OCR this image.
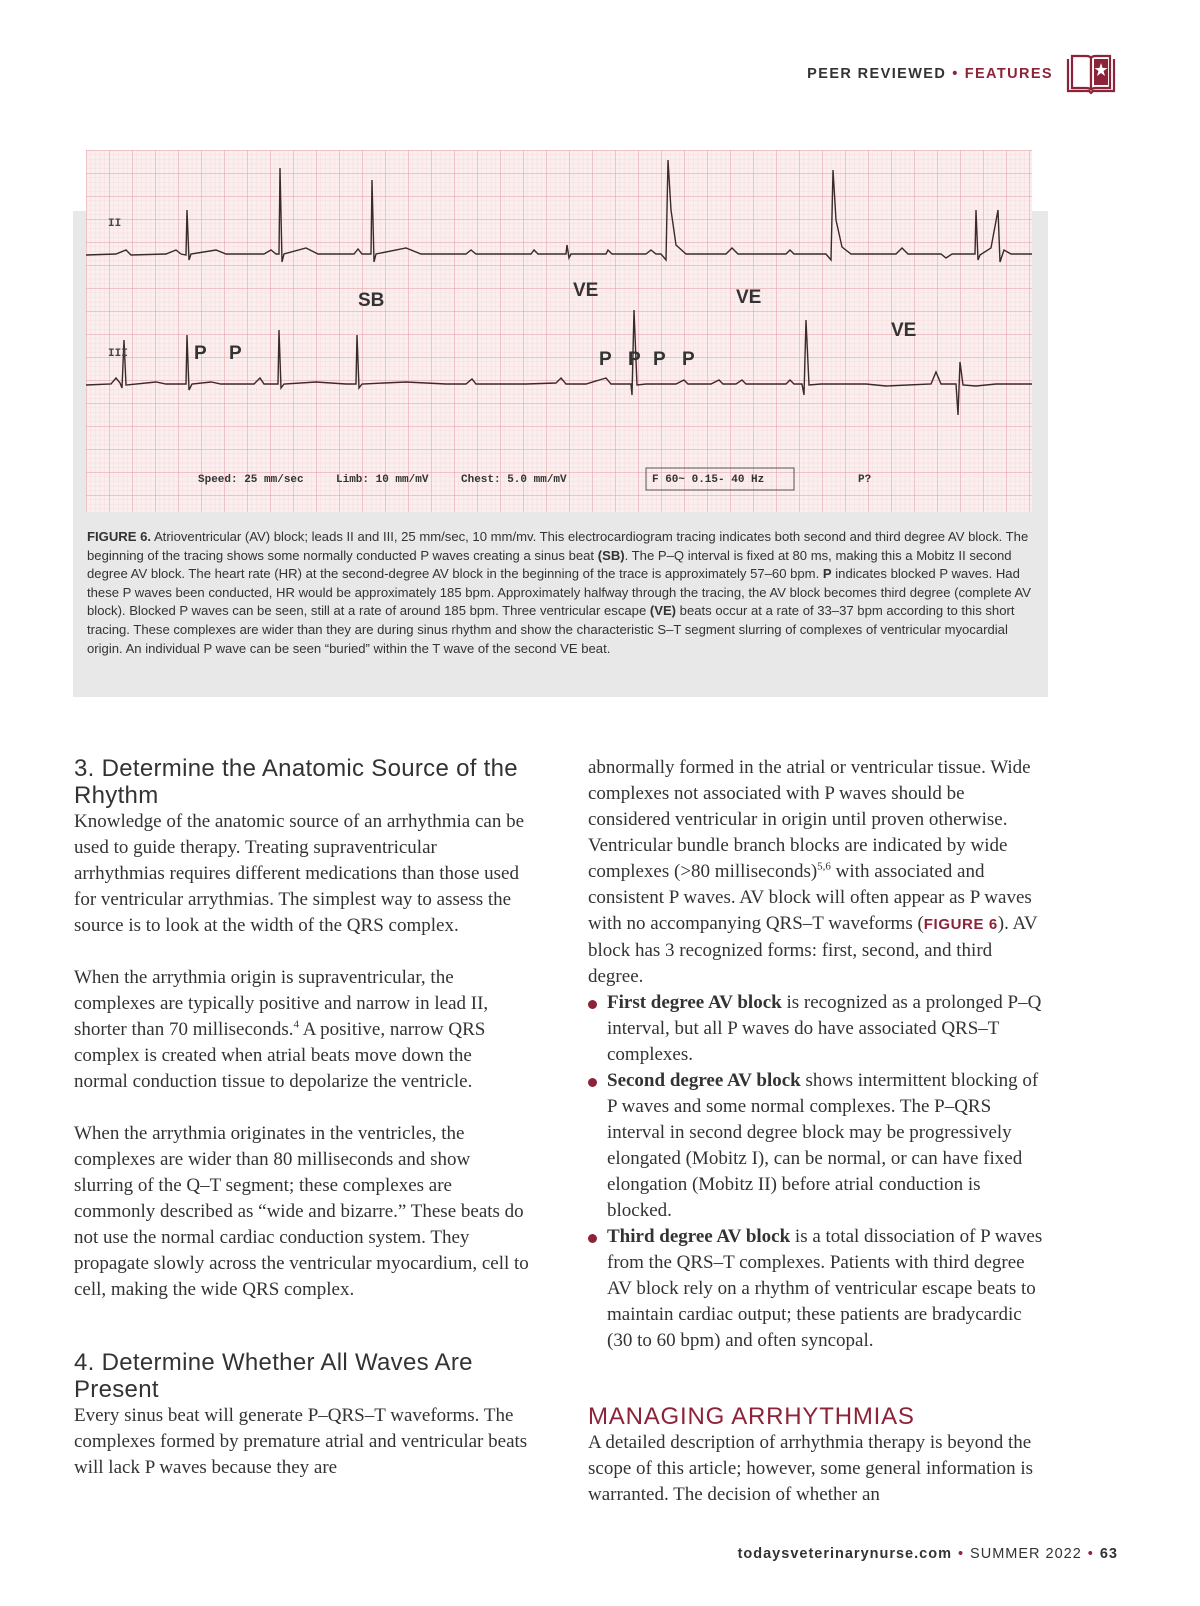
PEER REVIEWED • FEATURES
II
III
SB	VE	VE
VE
P P	P P P P
Speed: 25 mm/sec	Limb: 10 mm/mV	Chest: 5.0 mm/mV	F 60~ 0.15- 40 Hz	P?
FIGURE 6. Atrioventricular (AV) block; leads II and III, 25 mm/sec, 10 mm/mv. This electrocardiogram tracing indicates both second and third degree AV block. The beginning of the tracing shows some normally conducted P waves creating a sinus beat (SB). The P–Q interval is fixed at 80 ms, making this a Mobitz II second degree AV block. The heart rate (HR) at the second-degree AV block in the beginning of the trace is approximately 57–60 bpm. P indicates blocked P waves. Had these P waves been conducted, HR would be approximately 185 bpm. Approximately halfway through the tracing, the AV block becomes third degree (complete AV block). Blocked P waves can be seen, still at a rate of around 185 bpm. Three ventricular escape (VE) beats occur at a rate of 33–37 bpm according to this short tracing. These complexes are wider than they are during sinus rhythm and show the characteristic S–T segment slurring of complexes of ventricular myocardial origin. An individual P wave can be seen “buried” within the T wave of the second VE beat.
3. Determine the Anatomic Source of the Rhythm

Knowledge of the anatomic source of an arrhythmia can be used to guide therapy. Treating supraventricular arrhythmias requires different medications than those used for ventricular arrythmias. The simplest way to assess the source is to look at the width of the QRS complex.

When the arrythmia origin is supraventricular, the complexes are typically positive and narrow in lead II, shorter than 70 milliseconds.$^4$ A positive, narrow QRS complex is created when atrial beats move down the normal conduction tissue to depolarize the ventricle.

When the arrythmia originates in the ventricles, the complexes are wider than 80 milliseconds and show slurring of the Q–T segment; these complexes are commonly described as “wide and bizarre.” These beats do not use the normal cardiac conduction system. They propagate slowly across the ventricular myocardium, cell to cell, making the wide QRS complex.

4. Determine Whether All Waves Are Present

Every sinus beat will generate P–QRS–T waveforms. The complexes formed by premature atrial and ventricular beats will lack P waves because they are

abnormally formed in the atrial or ventricular tissue. Wide complexes not associated with P waves should be considered ventricular in origin until proven otherwise. Ventricular bundle branch blocks are indicated by wide complexes (>80 milliseconds)$^{5,6}$ with associated and consistent P waves. AV block will often appear as P waves with no accompanying QRS–T waveforms (FIGURE 6). AV block has 3 recognized forms: first, second, and third degree.

First degree AV block is recognized as a prolonged P–Q interval, but all P waves do have associated QRS–T complexes.
Second degree AV block shows intermittent blocking of P waves and some normal complexes. The P–QRS interval in second degree block may be progressively elongated (Mobitz I), can be normal, or can have fixed elongation (Mobitz II) before atrial conduction is blocked.
Third degree AV block is a total dissociation of P waves from the QRS–T complexes. Patients with third degree AV block rely on a rhythm of ventricular escape beats to maintain cardiac output; these patients are bradycardic (30 to 60 bpm) and often syncopal.
MANAGING ARRHYTHMIAS

A detailed description of arrhythmia therapy is beyond the scope of this article; however, some general information is warranted. The decision of whether an

todaysveterinarynurse.com • SUMMER 2022 • 63
